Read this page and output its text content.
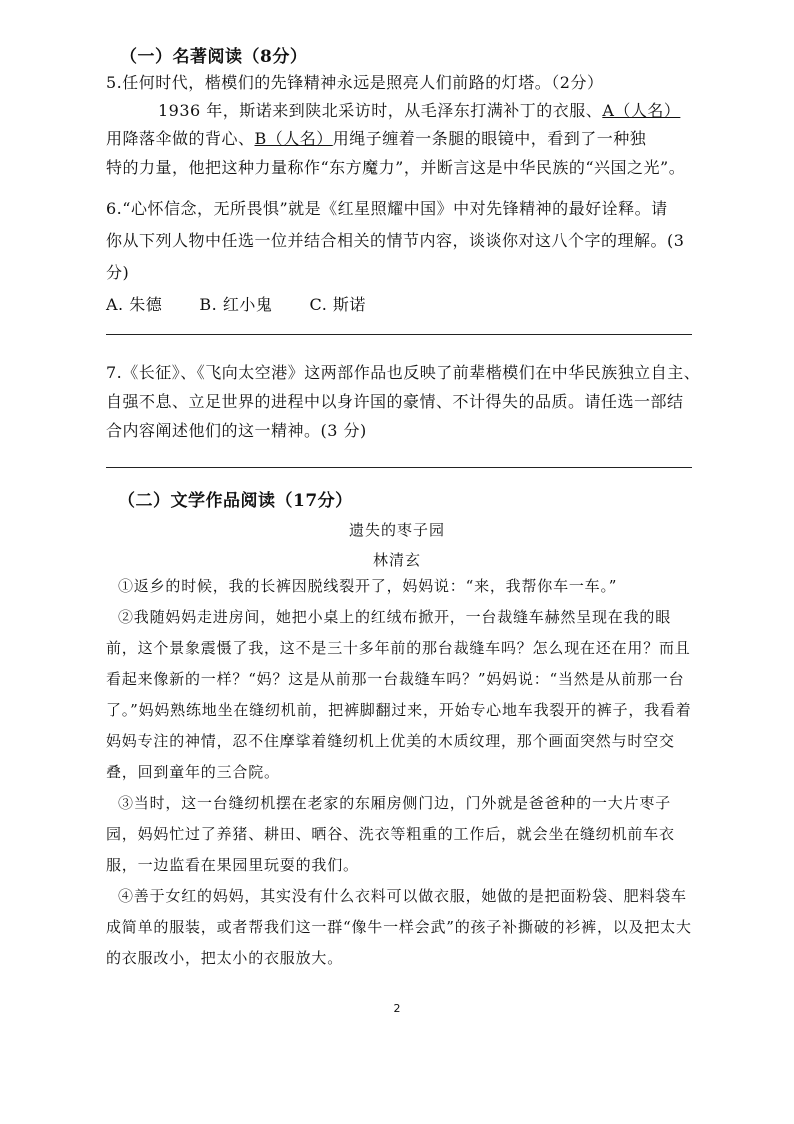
（一）名著阅读（8分）
5.任何时代，楷模们的先锋精神永远是照亮人们前路的灯塔。（2分）
1936 年，斯诺来到陕北采访时，从毛泽东打满补丁的衣服、A（人名）
用降落伞做的背心、B（人名）用绳子缠着一条腿的眼镜中，看到了一种独
特的力量，他把这种力量称作“东方魔力”，并断言这是中华民族的“兴国之光”。
6.“心怀信念，无所畏惧”就是《红星照耀中国》中对先锋精神的最好诠释。请
你从下列人物中任选一位并结合相关的情节内容，谈谈你对这八个字的理解。(3
分)
A. 朱德 B. 红小鬼 C. 斯诺
7.《长征》、《飞向太空港》这两部作品也反映了前辈楷模们在中华民族独立自主、
自强不息、立足世界的进程中以身许国的豪情、不计得失的品质。请任选一部结
合内容阐述他们的这一精神。(3 分)
（二）文学作品阅读（17分）
遗失的枣子园
林清玄
①返乡的时候，我的长裤因脱线裂开了，妈妈说：“来，我帮你车一车。”
②我随妈妈走进房间，她把小桌上的红绒布掀开，一台裁缝车赫然呈现在我的眼前，这个景象震慑了我，这不是三十多年前的那台裁缝车吗？怎么现在还在用？而且看起来像新的一样？“妈？这是从前那一台裁缝车吗？”妈妈说：“当然是从前那一台了。”妈妈熟练地坐在缝纫机前，把裤脚翻过来，开始专心地车我裂开的裤子，我看着妈妈专注的神情，忍不住摩挲着缝纫机上优美的木质纹理，那个画面突然与时空交叠，回到童年的三合院。
③当时，这一台缝纫机摆在老家的东厢房侧门边，门外就是爸爸种的一大片枣子园，妈妈忙过了养猪、耕田、晒谷、洗衣等粗重的工作后，就会坐在缝纫机前车衣服，一边监看在果园里玩耍的我们。
④善于女红的妈妈，其实没有什么衣料可以做衣服，她做的是把面粉袋、肥料袋车成简单的服装，或者帮我们这一群“像牛一样会武”的孩子补撕破的衫裤，以及把太大的衣服改小，把太小的衣服放大。
2
